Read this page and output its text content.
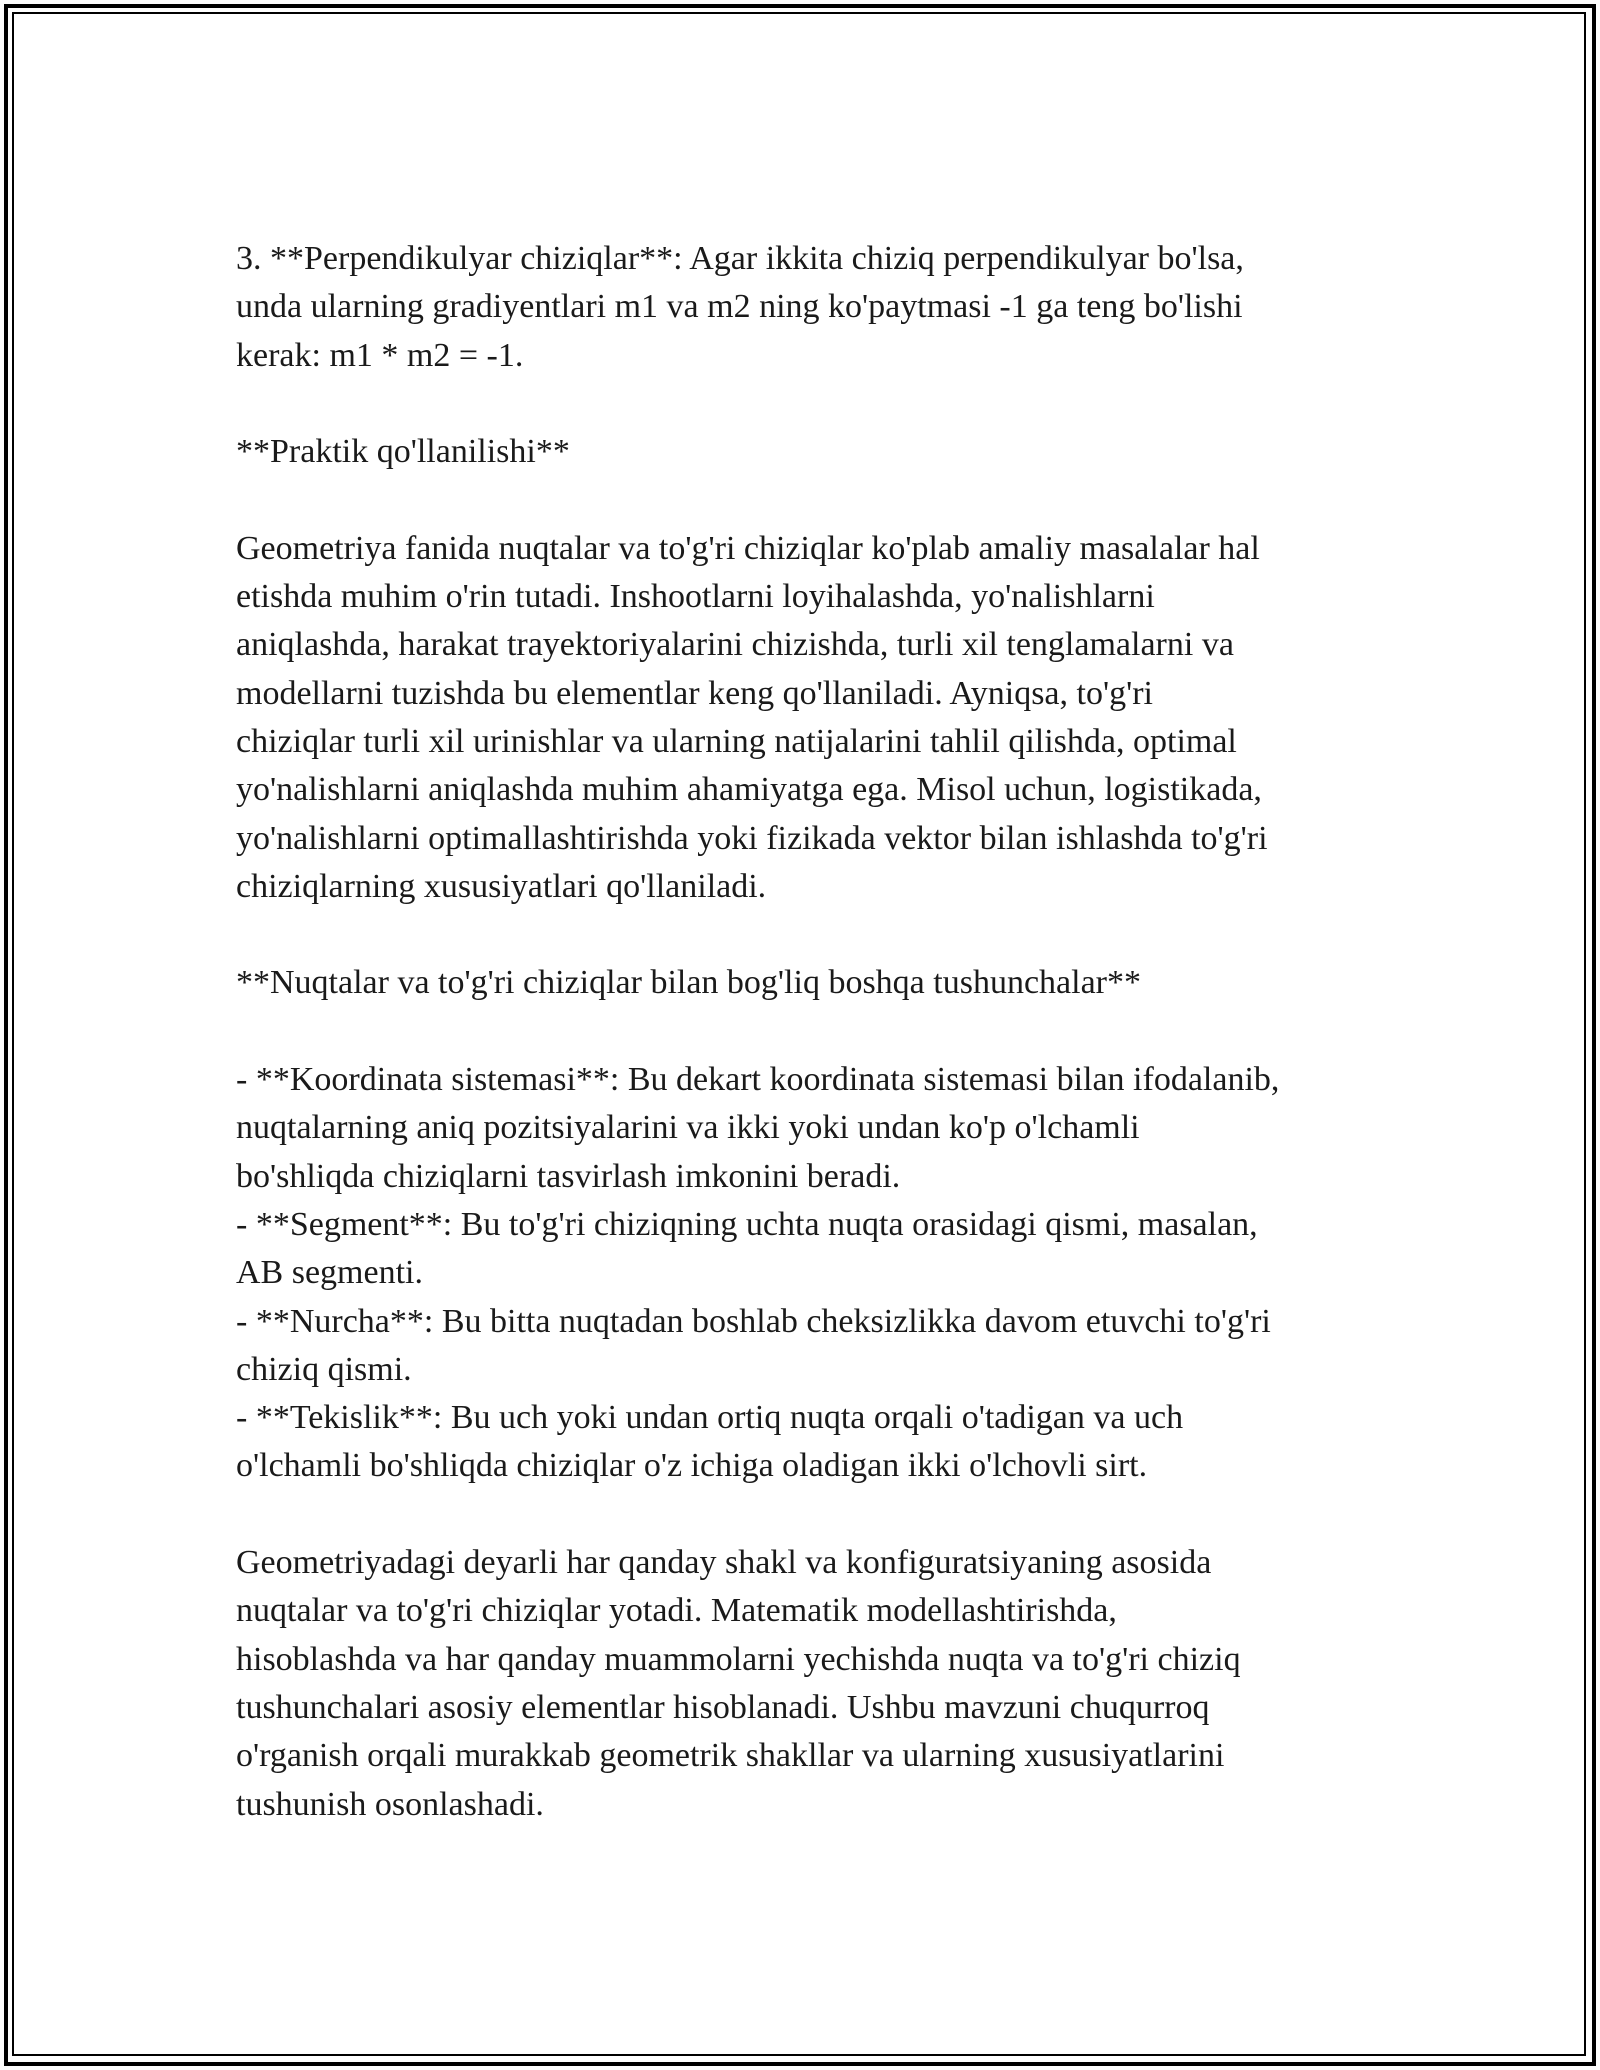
3. **Perpendikulyar chiziqlar**: Agar ikkita chiziq perpendikulyar bo'lsa,
unda ularning gradiyentlari m1 va m2 ning ko'paytmasi -1 ga teng bo'lishi
kerak: m1 * m2 = -1.
**Praktik qo'llanilishi**
Geometriya fanida nuqtalar va to'g'ri chiziqlar ko'plab amaliy masalalar hal
etishda muhim o'rin tutadi. Inshootlarni loyihalashda, yo'nalishlarni
aniqlashda, harakat trayektoriyalarini chizishda, turli xil tenglamalarni va
modellarni tuzishda bu elementlar keng qo'llaniladi. Ayniqsa, to'g'ri
chiziqlar turli xil urinishlar va ularning natijalarini tahlil qilishda, optimal
yo'nalishlarni aniqlashda muhim ahamiyatga ega. Misol uchun, logistikada,
yo'nalishlarni optimallashtirishda yoki fizikada vektor bilan ishlashda to'g'ri
chiziqlarning xususiyatlari qo'llaniladi.
**Nuqtalar va to'g'ri chiziqlar bilan bog'liq boshqa tushunchalar**
- **Koordinata sistemasi**: Bu dekart koordinata sistemasi bilan ifodalanib,
nuqtalarning aniq pozitsiyalarini va ikki yoki undan ko'p o'lchamli
bo'shliqda chiziqlarni tasvirlash imkonini beradi.
- **Segment**: Bu to'g'ri chiziqning uchta nuqta orasidagi qismi, masalan,
AB segmenti.
- **Nurcha**: Bu bitta nuqtadan boshlab cheksizlikka davom etuvchi to'g'ri
chiziq qismi.
- **Tekislik**: Bu uch yoki undan ortiq nuqta orqali o'tadigan va uch
o'lchamli bo'shliqda chiziqlar o'z ichiga oladigan ikki o'lchovli sirt.
Geometriyadagi deyarli har qanday shakl va konfiguratsiyaning asosida
nuqtalar va to'g'ri chiziqlar yotadi. Matematik modellashtirishda,
hisoblashda va har qanday muammolarni yechishda nuqta va to'g'ri chiziq
tushunchalari asosiy elementlar hisoblanadi. Ushbu mavzuni chuqurroq
o'rganish orqali murakkab geometrik shakllar va ularning xususiyatlarini
tushunish osonlashadi.
